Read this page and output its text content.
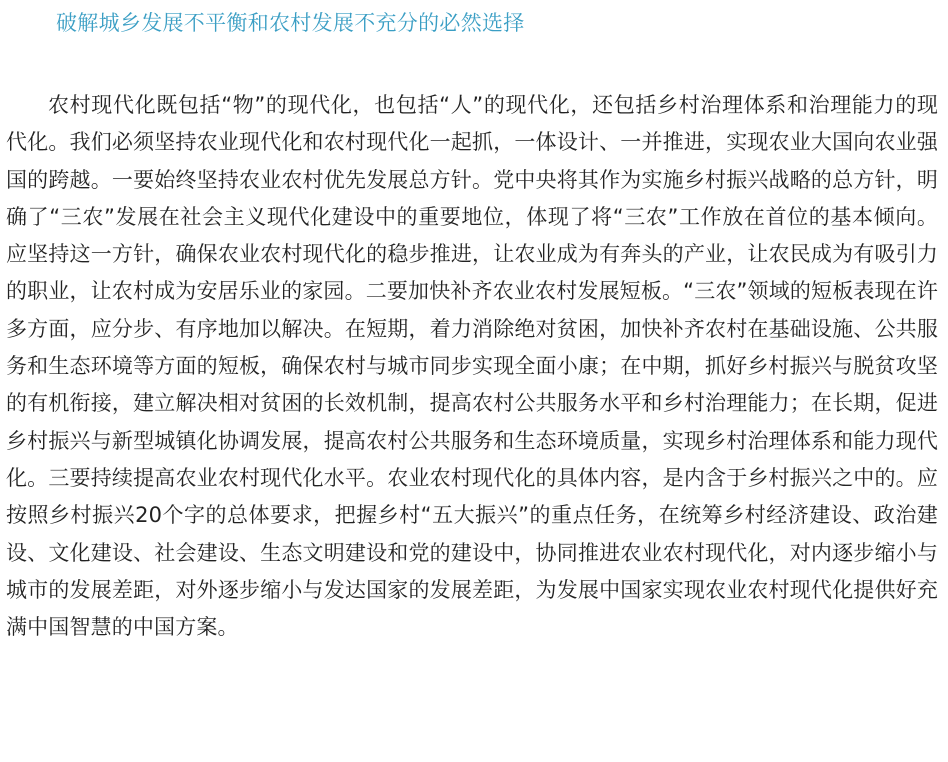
破解城乡发展不平衡和农村发展不充分的必然选择

农村现代化既包括“物”的现代化，也包括“人”的现代化，还包括乡村治理体系和治理能力的现代化。我们必须坚持农业现代化和农村现代化一起抓，一体设计、一并推进，实现农业大国向农业强国的跨越。一要始终坚持农业农村优先发展总方针。党中央将其作为实施乡村振兴战略的总方针，明确了“三农”发展在社会主义现代化建设中的重要地位，体现了将“三农”工作放在首位的基本倾向。应坚持这一方针，确保农业农村现代化的稳步推进，让农业成为有奔头的产业，让农民成为有吸引力的职业，让农村成为安居乐业的家园。二要加快补齐农业农村发展短板。“三农”领域的短板表现在许多方面，应分步、有序地加以解决。在短期，着力消除绝对贫困，加快补齐农村在基础设施、公共服务和生态环境等方面的短板，确保农村与城市同步实现全面小康；在中期，抓好乡村振兴与脱贫攻坚的有机衔接，建立解决相对贫困的长效机制，提高农村公共服务水平和乡村治理能力；在长期，促进乡村振兴与新型城镇化协调发展，提高农村公共服务和生态环境质量，实现乡村治理体系和能力现代化。三要持续提高农业农村现代化水平。农业农村现代化的具体内容，是内含于乡村振兴之中的。应按照乡村振兴20个字的总体要求，把握乡村“五大振兴”的重点任务，在统筹乡村经济建设、政治建设、文化建设、社会建设、生态文明建设和党的建设中，协同推进农业农村现代化，对内逐步缩小与城市的发展差距，对外逐步缩小与发达国家的发展差距，为发展中国家实现农业农村现代化提供好充满中国智慧的中国方案。
